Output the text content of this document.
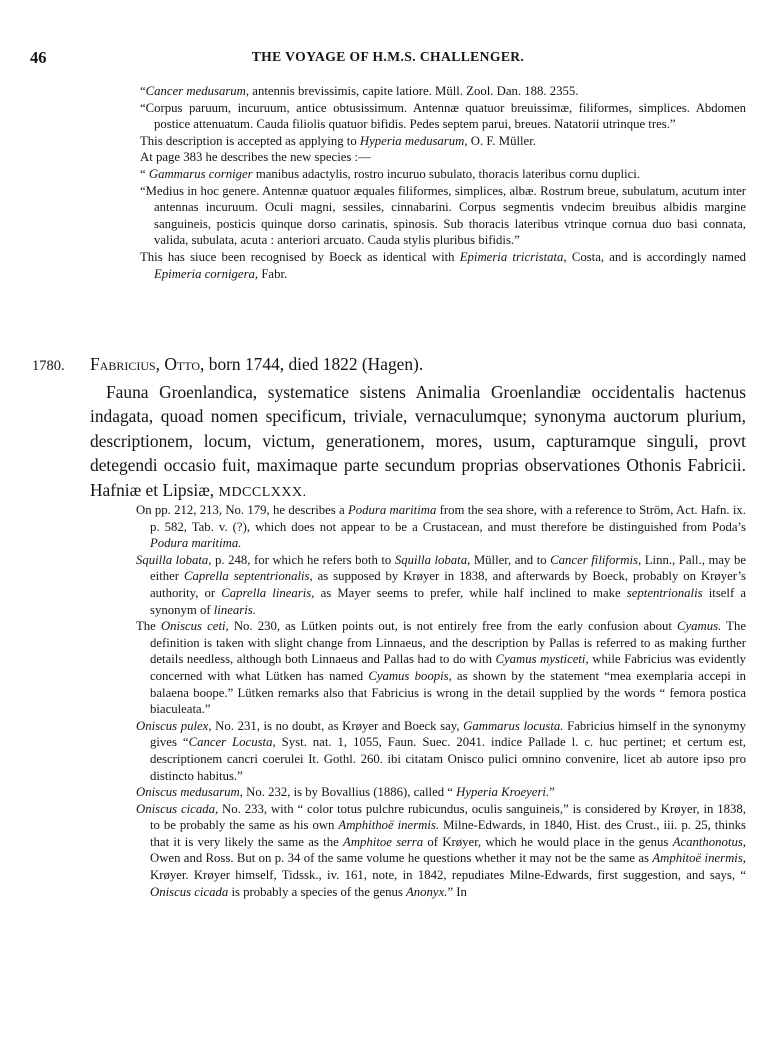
46	THE VOYAGE OF H.M.S. CHALLENGER.

“Cancer medusarum, antennis brevissimis, capite latiore. Müll. Zool. Dan. 188. 2355.

“Corpus paruum, incuruum, antice obtusissimum. Antennæ quatuor breuissimæ, filiformes, simplices. Abdomen postice attenuatum. Cauda filiolis quatuor bifidis. Pedes septem parui, breues. Natatorii utrinque tres.”

This description is accepted as applying to Hyperia medusarum, O. F. Müller.

At page 383 he describes the new species :—

“ Gammarus corniger manibus adactylis, rostro incuruo subulato, thoracis lateribus cornu duplici.

“Medius in hoc genere. Antennæ quatuor æquales filiformes, simplices, albæ. Rostrum breue, subulatum, acutum inter antennas incuruum. Oculi magni, sessiles, cinnabarini. Corpus segmentis vndecim breuibus albidis margine sanguineis, posticis quinque dorso carinatis, spinosis. Sub thoracis lateribus vtrinque cornua duo basi connata, valida, subulata, acuta : anteriori arcuato. Cauda stylis pluribus bifidis.”

This has siuce been recognised by Boeck as identical with Epimeria tricristata, Costa, and is accordingly named Epimeria cornigera, Fabr.

1780. Fabricius, Otto, born 1744, died 1822 (Hagen).

Fauna Groenlandica, systematice sistens Animalia Groenlandiæ occidentalis hactenus indagata, quoad nomen specificum, triviale, vernaculumque; synonyma auctorum plurium, descriptionem, locum, victum, generationem, mores, usum, capturamque singuli, provt detegendi occasio fuit, maximaque parte secundum proprias observationes Othonis Fabricii. Hafniæ et Lipsiæ, MDCCLXXX.

On pp. 212, 213, No. 179, he describes a Podura maritima from the sea shore, with a reference to Ström, Act. Hafn. ix. p. 582, Tab. v. (?), which does not appear to be a Crustacean, and must therefore be distinguished from Poda’s Podura maritima.

Squilla lobata, p. 248, for which he refers both to Squilla lobata, Müller, and to Cancer filiformis, Linn., Pall., may be either Caprella septentrionalis, as supposed by Krøyer in 1838, and afterwards by Boeck, probably on Krøyer’s authority, or Caprella linearis, as Mayer seems to prefer, while half inclined to make septentrionalis itself a synonym of linearis.

The Oniscus ceti, No. 230, as Lütken points out, is not entirely free from the early confusion about Cyamus. The definition is taken with slight change from Linnaeus, and the description by Pallas is referred to as making further details needless, although both Linnaeus and Pallas had to do with Cyamus mysticeti, while Fabricius was evidently concerned with what Lütken has named Cyamus boopis, as shown by the statement “mea exemplaria accepi in balaena boope.” Lütken remarks also that Fabricius is wrong in the detail supplied by the words “ femora postica biaculeata.”

Oniscus pulex, No. 231, is no doubt, as Krøyer and Boeck say, Gammarus locusta. Fabricius himself in the synonymy gives “Cancer Locusta, Syst. nat. 1, 1055, Faun. Suec. 2041. indice Pallade l. c. huc pertinet; et certum est, descriptionem cancri coerulei It. Gothl. 260. ibi citatam Onisco pulici omnino convenire, licet ab autore ipso pro distincto habitus.”

Oniscus medusarum, No. 232, is by Bovallius (1886), called “ Hyperia Kroeyeri.”

Oniscus cicada, No. 233, with “ color totus pulchre rubicundus, oculis sanguineis,” is considered by Krøyer, in 1838, to be probably the same as his own Amphithoë inermis. Milne-Edwards, in 1840, Hist. des Crust., iii. p. 25, thinks that it is very likely the same as the Amphitoe serra of Krøyer, which he would place in the genus Acanthonotus, Owen and Ross. But on p. 34 of the same volume he questions whether it may not be the same as Amphitoë inermis, Krøyer. Krøyer himself, Tidssk., iv. 161, note, in 1842, repudiates Milne-Edwards, first suggestion, and says, “ Oniscus cicada is probably a species of the genus Anonyx.” In
